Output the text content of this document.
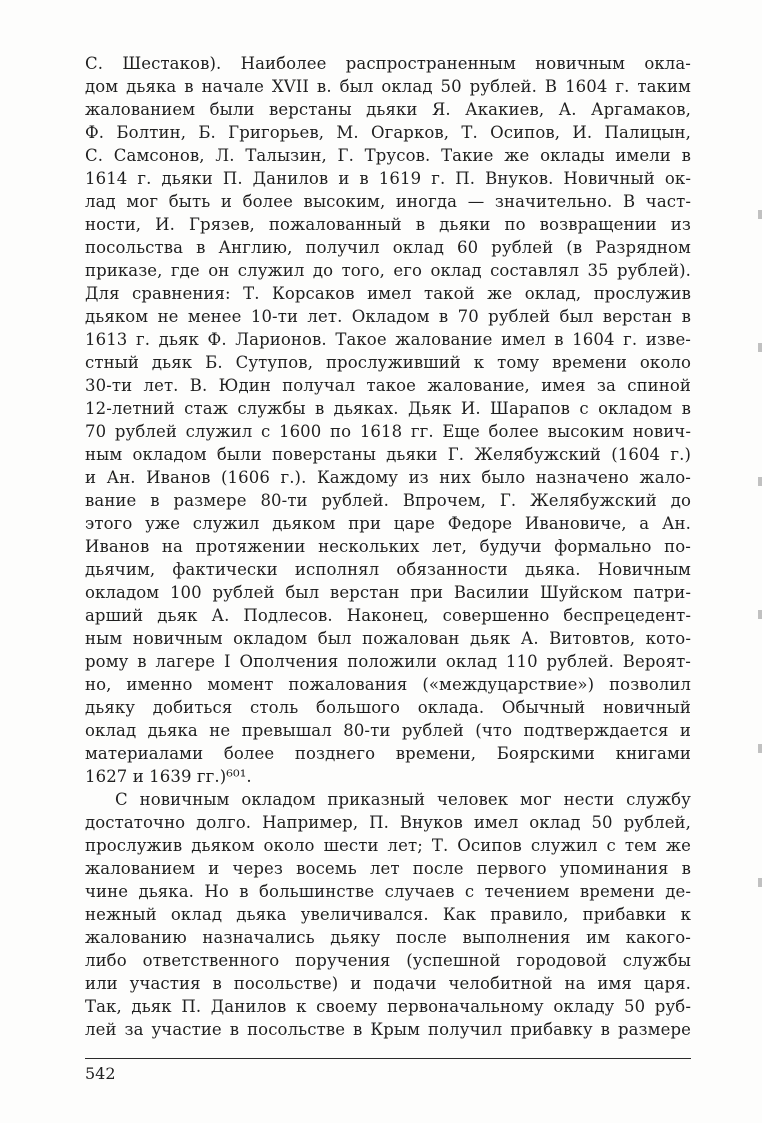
С. Шестаков). Наиболее распространенным новичным окла-
дом дьяка в начале XVII в. был оклад 50 рублей. В 1604 г. таким
жалованием были верстаны дьяки Я. Акакиев, А. Аргамаков,
Ф. Болтин, Б. Григорьев, М. Огарков, Т. Осипов, И. Палицын,
С. Самсонов, Л. Талызин, Г. Трусов. Такие же оклады имели в
1614 г. дьяки П. Данилов и в 1619 г. П. Внуков. Новичный ок-
лад мог быть и более высоким, иногда — значительно. В част-
ности, И. Грязев, пожалованный в дьяки по возвращении из
посольства в Англию, получил оклад 60 рублей (в Разрядном
приказе, где он служил до того, его оклад составлял 35 рублей).
Для сравнения: Т. Корсаков имел такой же оклад, прослужив
дьяком не менее 10-ти лет. Окладом в 70 рублей был верстан в
1613 г. дьяк Ф. Ларионов. Такое жалование имел в 1604 г. изве-
стный дьяк Б. Сутупов, прослуживший к тому времени около
30-ти лет. В. Юдин получал такое жалование, имея за спиной
12-летний стаж службы в дьяках. Дьяк И. Шарапов с окладом в
70 рублей служил с 1600 по 1618 гг. Еще более высоким нович-
ным окладом были поверстаны дьяки Г. Желябужский (1604 г.)
и Ан. Иванов (1606 г.). Каждому из них было назначено жало-
вание в размере 80-ти рублей. Впрочем, Г. Желябужский до
этого уже служил дьяком при царе Федоре Ивановиче, а Ан.
Иванов на протяжении нескольких лет, будучи формально по-
дьячим, фактически исполнял обязанности дьяка. Новичным
окладом 100 рублей был верстан при Василии Шуйском патри-
арший дьяк А. Подлесов. Наконец, совершенно беспрецедент-
ным новичным окладом был пожалован дьяк А. Витовтов, кото-
рому в лагере I Ополчения положили оклад 110 рублей. Вероят-
но, именно момент пожалования («междуцарствие») позволил
дьяку добиться столь большого оклада. Обычный новичный
оклад дьяка не превышал 80-ти рублей (что подтверждается и
материалами более позднего времени, Боярскими книгами
1627 и 1639 гг.)⁶⁰¹.
С новичным окладом приказный человек мог нести службу
достаточно долго. Например, П. Внуков имел оклад 50 рублей,
прослужив дьяком около шести лет; Т. Осипов служил с тем же
жалованием и через восемь лет после первого упоминания в
чине дьяка. Но в большинстве случаев с течением времени де-
нежный оклад дьяка увеличивался. Как правило, прибавки к
жалованию назначались дьяку после выполнения им какого-
либо ответственного поручения (успешной городовой службы
или участия в посольстве) и подачи челобитной на имя царя.
Так, дьяк П. Данилов к своему первоначальному окладу 50 руб-
лей за участие в посольстве в Крым получил прибавку в размере
542
